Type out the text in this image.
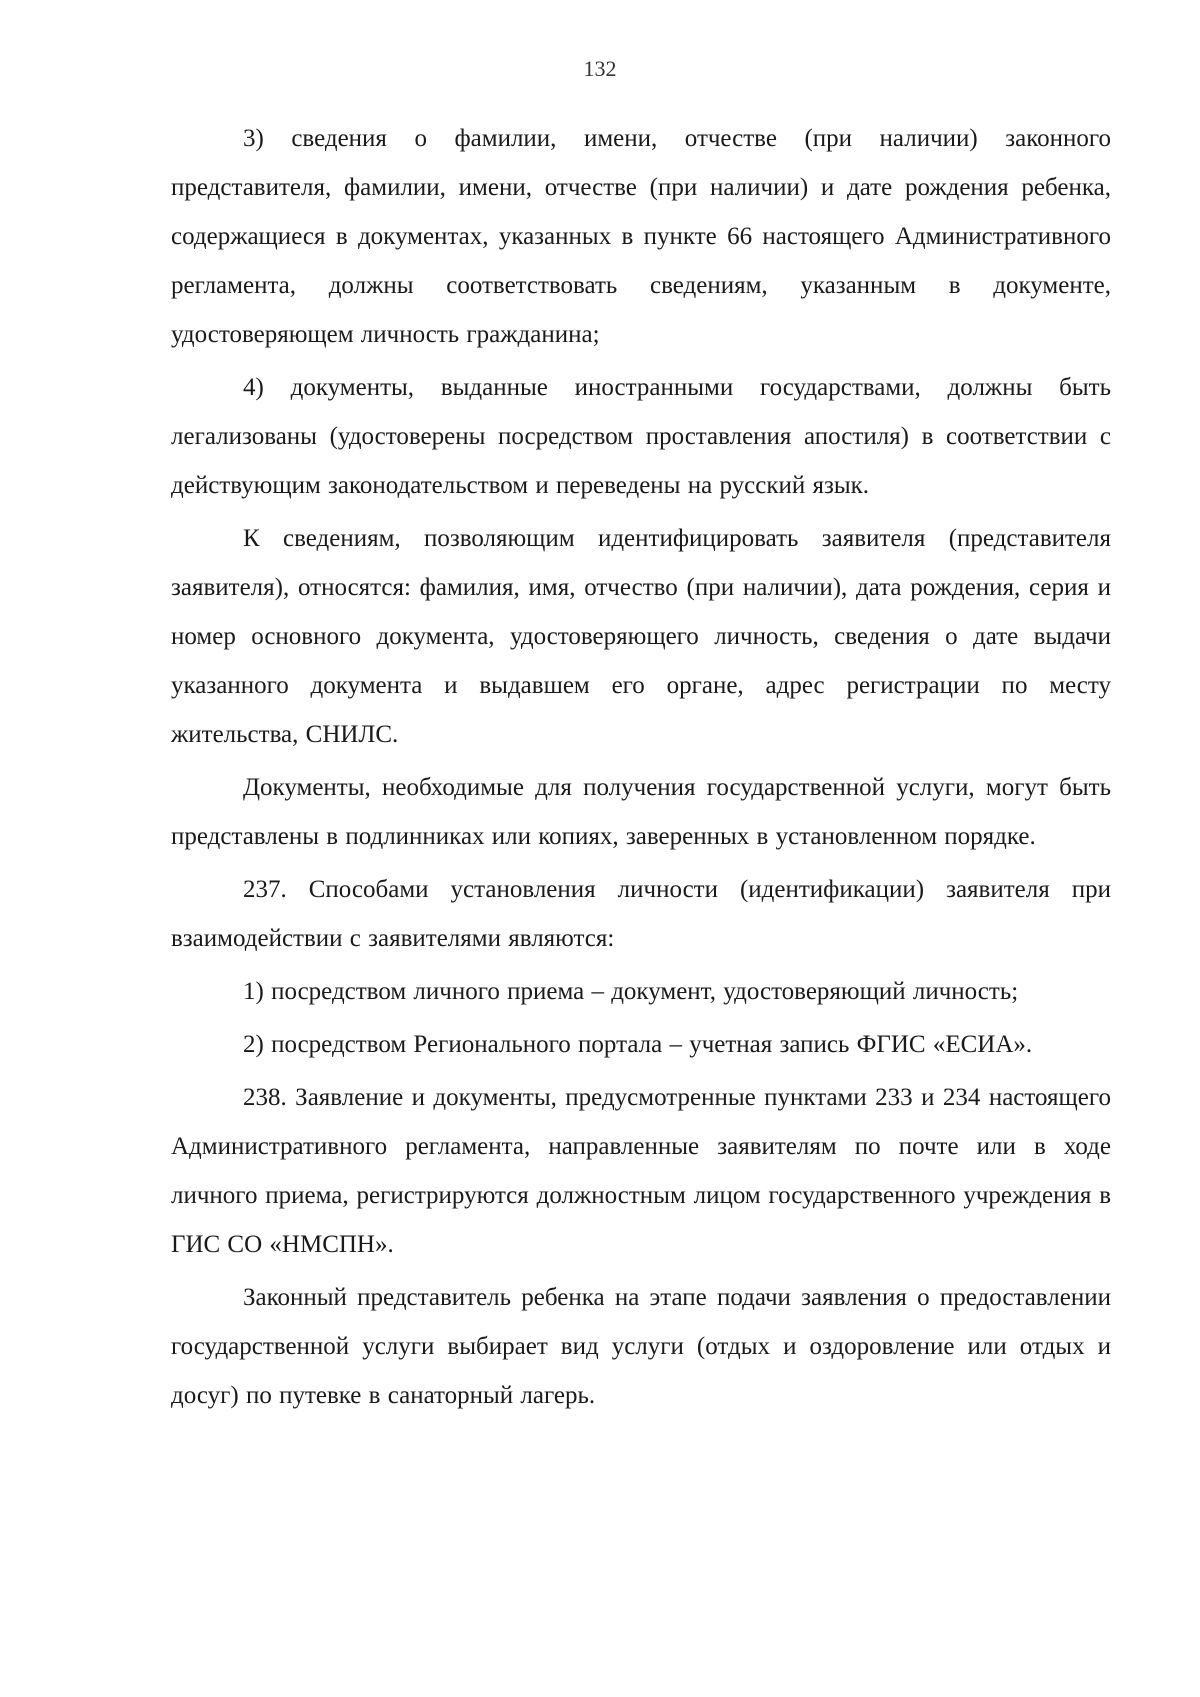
132

3) сведения о фамилии, имени, отчестве (при наличии) законного представителя, фамилии, имени, отчестве (при наличии) и дате рождения ребенка, содержащиеся в документах, указанных в пункте 66 настоящего Административного регламента, должны соответствовать сведениям, указанным в документе, удостоверяющем личность гражданина;

4) документы, выданные иностранными государствами, должны быть легализованы (удостоверены посредством проставления апостиля) в соответствии с действующим законодательством и переведены на русский язык.

К сведениям, позволяющим идентифицировать заявителя (представителя заявителя), относятся: фамилия, имя, отчество (при наличии), дата рождения, серия и номер основного документа, удостоверяющего личность, сведения о дате выдачи указанного документа и выдавшем его органе, адрес регистрации по месту жительства, СНИЛС.

Документы, необходимые для получения государственной услуги, могут быть представлены в подлинниках или копиях, заверенных в установленном порядке.

237. Способами установления личности (идентификации) заявителя при взаимодействии с заявителями являются:

1) посредством личного приема – документ, удостоверяющий личность;

2) посредством Регионального портала – учетная запись ФГИС «ЕСИА».

238. Заявление и документы, предусмотренные пунктами 233 и 234 настоящего Административного регламента, направленные заявителям по почте или в ходе личного приема, регистрируются должностным лицом государственного учреждения в ГИС СО «НМСПН».

Законный представитель ребенка на этапе подачи заявления о предоставлении государственной услуги выбирает вид услуги (отдых и оздоровление или отдых и досуг) по путевке в санаторный лагерь.
